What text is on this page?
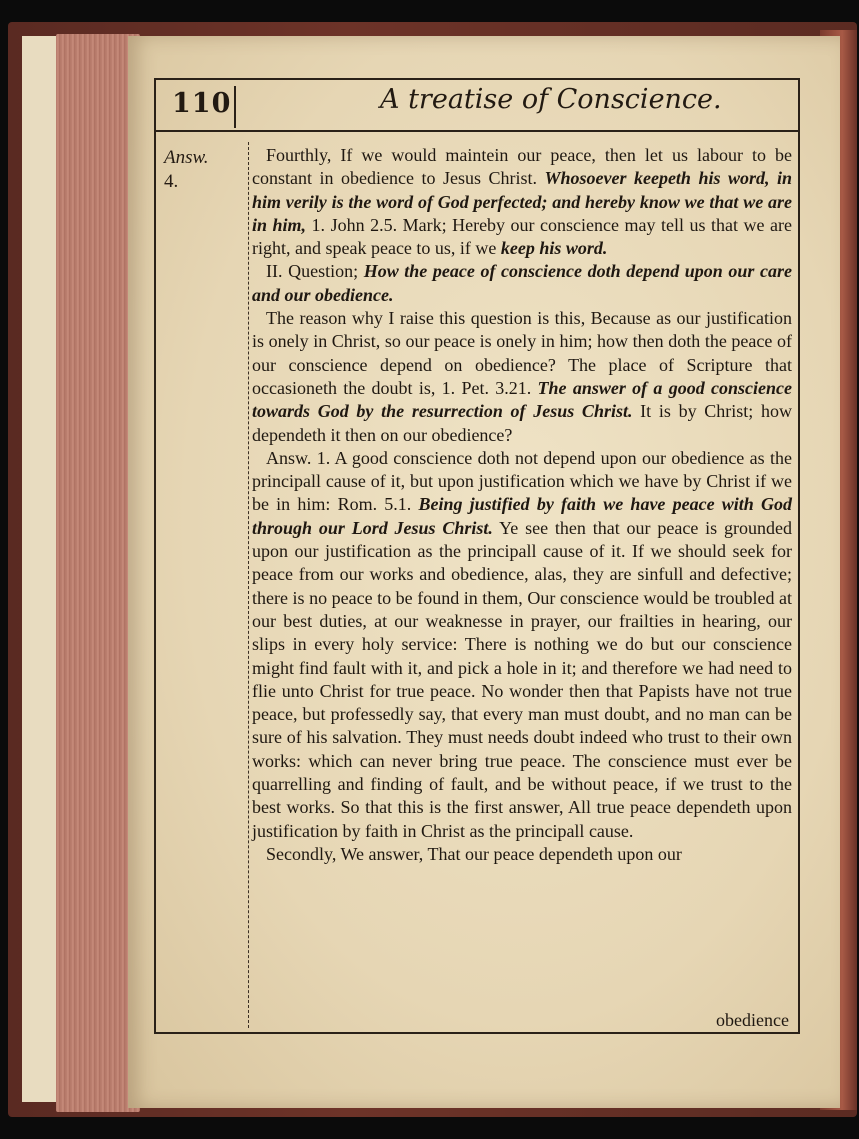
110	A treatise of Conscience.
Answ.
4.

Fourthly, If we would maintein our peace, then let us labour to be constant in obedience to Jesus Christ. Whosoever keepeth his word, in him verily is the word of God perfected; and hereby know we that we are in him, 1. John 2.5. Mark; Hereby our conscience may tell us that we are right, and speak peace to us, if we keep his word.

II. Question; How the peace of conscience doth depend upon our care and our obedience.

The reason why I raise this question is this, Because as our justification is onely in Christ, so our peace is onely in him; how then doth the peace of our conscience depend on obedience? The place of Scripture that occasioneth the doubt is, 1. Pet. 3.21. The answer of a good conscience towards God by the resurrection of Jesus Christ. It is by Christ; how dependeth it then on our obedience?

Answ. 1. A good conscience doth not depend upon our obedience as the principall cause of it, but upon justification which we have by Christ if we be in him: Rom. 5.1. Being justified by faith we have peace with God through our Lord Jesus Christ. Ye see then that our peace is grounded upon our justification as the principall cause of it. If we should seek for peace from our works and obedience, alas, they are sinfull and defective; there is no peace to be found in them, Our conscience would be troubled at our best duties, at our weaknesse in prayer, our frailties in hearing, our slips in every holy service: There is nothing we do but our conscience might find fault with it, and pick a hole in it; and therefore we had need to flie unto Christ for true peace. No wonder then that Papists have not true peace, but professedly say, that every man must doubt, and no man can be sure of his salvation. They must needs doubt indeed who trust to their own works: which can never bring true peace. The conscience must ever be quarrelling and finding of fault, and be without peace, if we trust to the best works. So that this is the first answer, All true peace dependeth upon justification by faith in Christ as the principall cause.

Secondly, We answer, That our peace dependeth upon our

obedience
